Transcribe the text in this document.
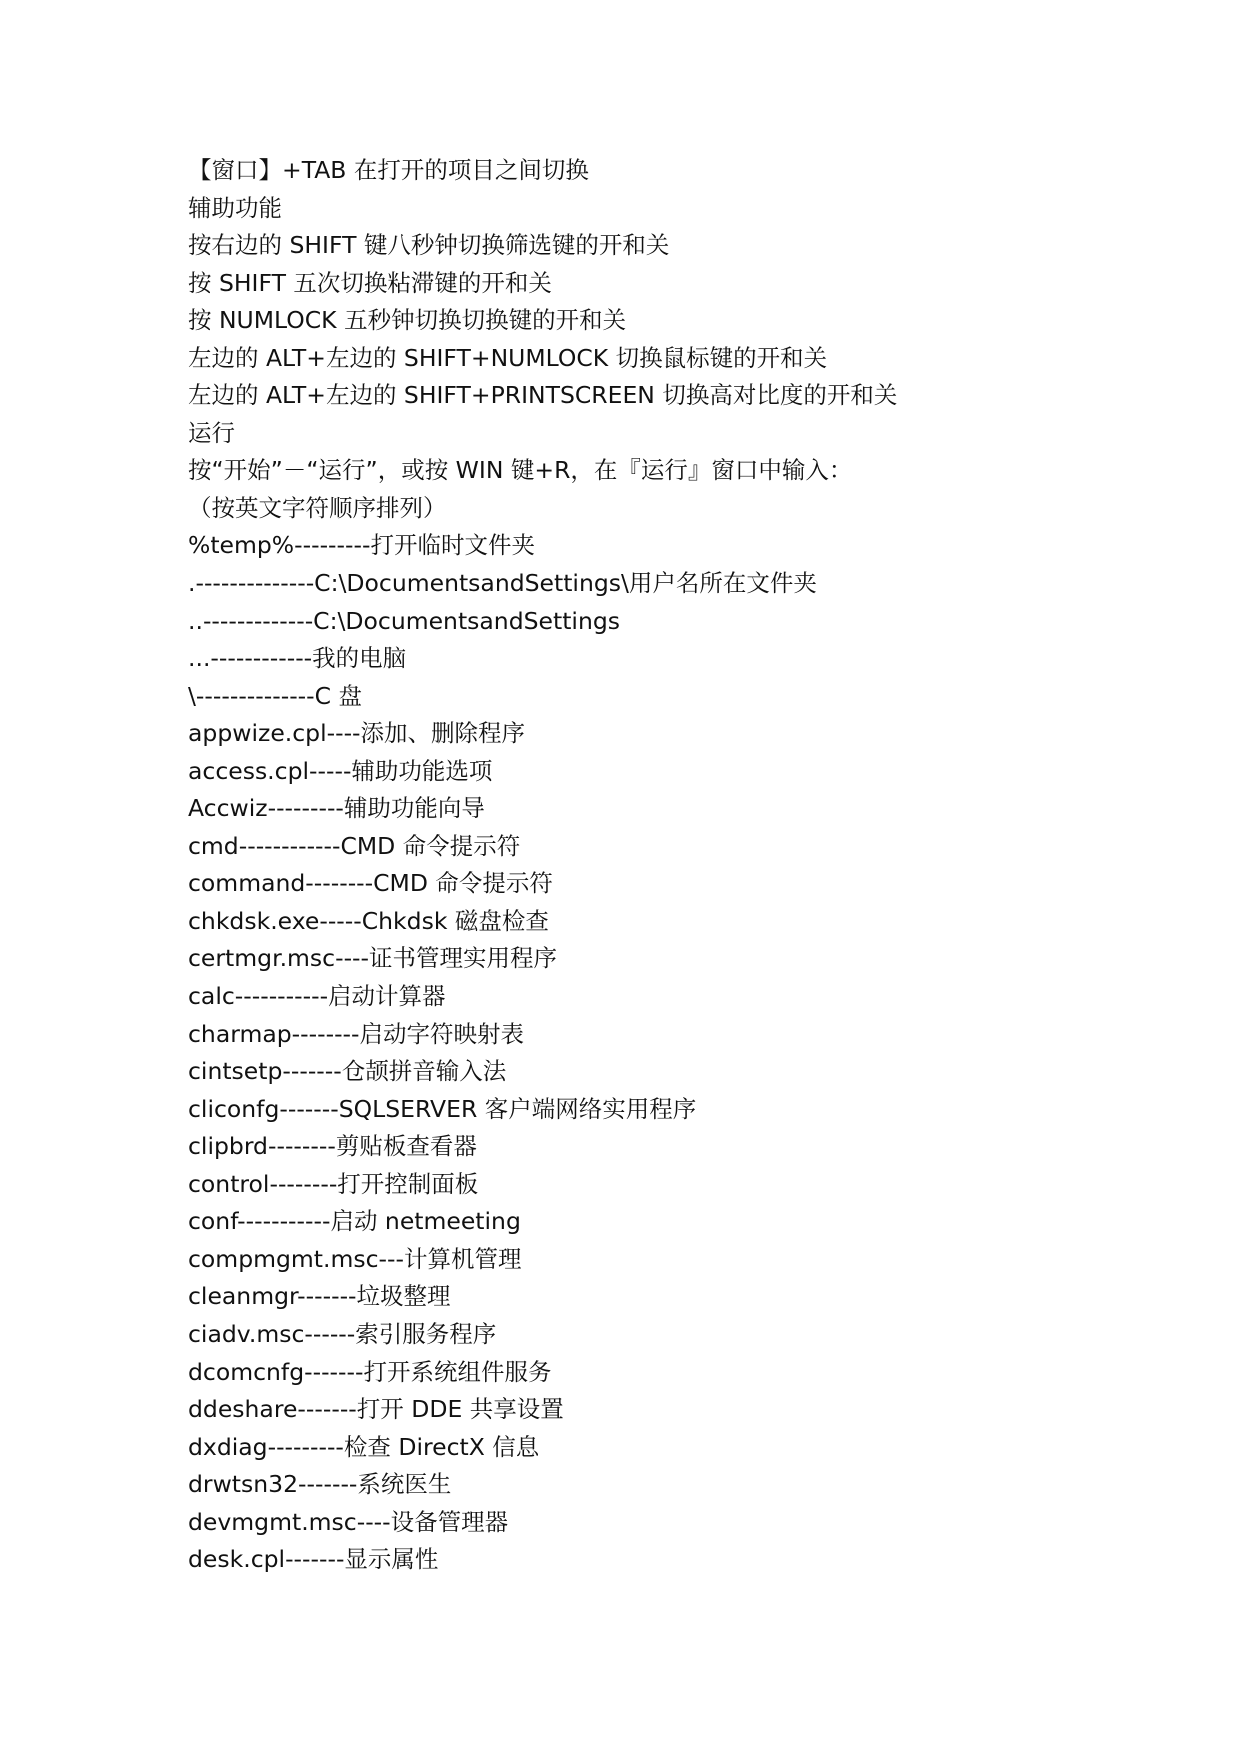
【窗口】+TAB 在打开的项目之间切换

辅助功能

按右边的 SHIFT 键八秒钟切换筛选键的开和关

按 SHIFT 五次切换粘滞键的开和关

按 NUMLOCK 五秒钟切换切换键的开和关

左边的 ALT+左边的 SHIFT+NUMLOCK 切换鼠标键的开和关

左边的 ALT+左边的 SHIFT+PRINTSCREEN 切换高对比度的开和关

运行

按“开始”－“运行”，或按 WIN 键+R，在『运行』窗口中输入：

（按英文字符顺序排列）

%temp%---------打开临时文件夹

.--------------C:\DocumentsandSettings\用户名所在文件夹

..-------------C:\DocumentsandSettings

...------------我的电脑

\--------------C 盘

appwize.cpl----添加、删除程序

access.cpl-----辅助功能选项

Accwiz---------辅助功能向导

cmd------------CMD 命令提示符

command--------CMD 命令提示符

chkdsk.exe-----Chkdsk 磁盘检查

certmgr.msc----证书管理实用程序

calc-----------启动计算器

charmap--------启动字符映射表

cintsetp-------仓颉拼音输入法

cliconfg-------SQLSERVER 客户端网络实用程序

clipbrd--------剪贴板查看器

control--------打开控制面板

conf-----------启动 netmeeting

compmgmt.msc---计算机管理

cleanmgr-------垃圾整理

ciadv.msc------索引服务程序

dcomcnfg-------打开系统组件服务

ddeshare-------打开 DDE 共享设置

dxdiag---------检查 DirectX 信息

drwtsn32-------系统医生

devmgmt.msc----设备管理器

desk.cpl-------显示属性
